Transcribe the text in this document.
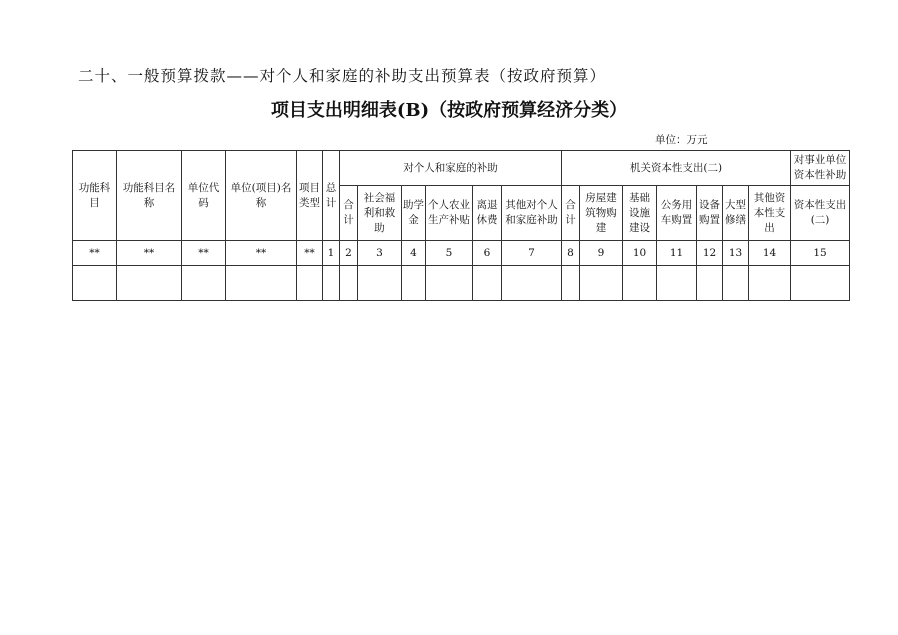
二十、一般预算拨款——对个人和家庭的补助支出预算表（按政府预算）
项目支出明细表(B)（按政府预算经济分类）
单位：万元
功能科目	功能科目名称	单位代码	单位(项目)名称	项目类型	总计	对个人和家庭的补助						机关资本性支出(二)							对事业单位资本性补助
						合计	社会福利和救助	助学金	个人农业生产补贴	离退休费	其他对个人和家庭补助	合计	房屋建筑物购建	基础设施建设	公务用车购置	设备购置	大型修缮	其他资本性支出	资本性支出(二)
**	**	**	**	**	1	2	3	4	5	6	7	8	9	10	11	12	13	14	15
